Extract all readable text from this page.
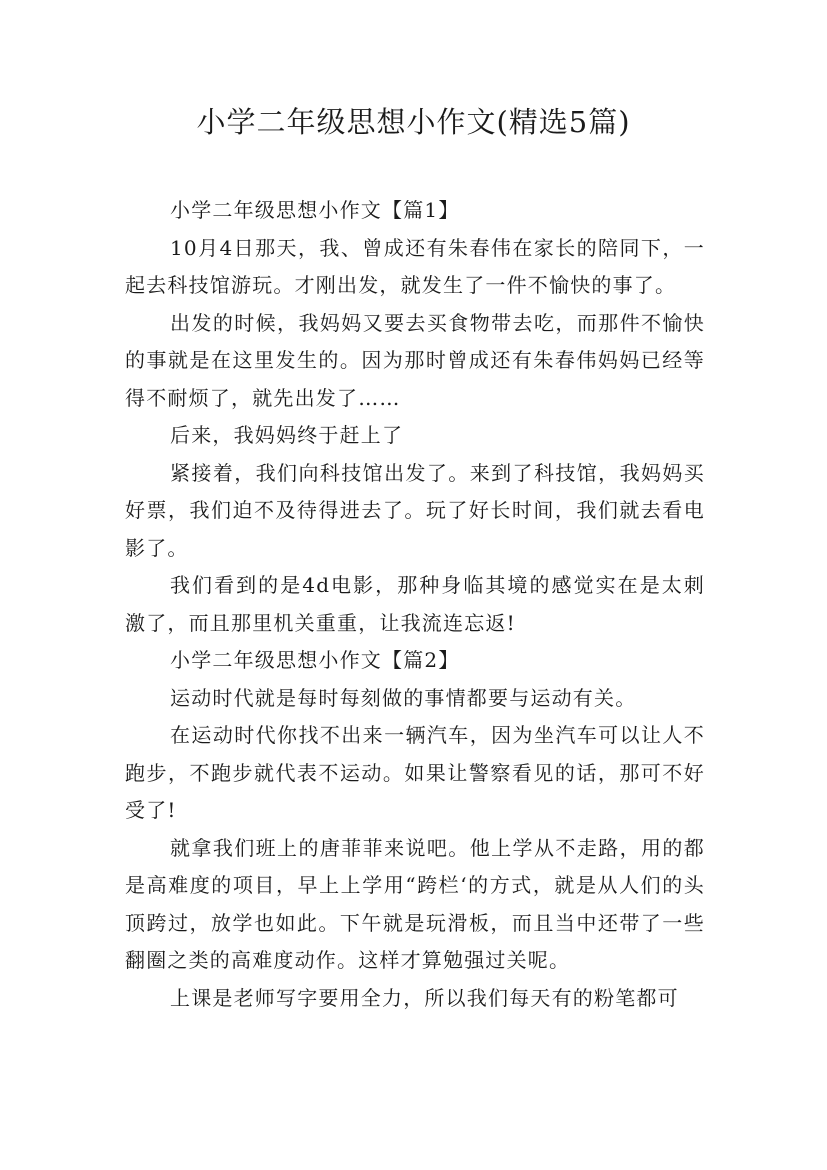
小学二年级思想小作文(精选5篇)

小学二年级思想小作文【篇1】

10月4日那天，我、曾成还有朱春伟在家长的陪同下，一起去科技馆游玩。才刚出发，就发生了一件不愉快的事了。

出发的时候，我妈妈又要去买食物带去吃，而那件不愉快的事就是在这里发生的。因为那时曾成还有朱春伟妈妈已经等得不耐烦了，就先出发了……

后来，我妈妈终于赶上了

紧接着，我们向科技馆出发了。来到了科技馆，我妈妈买好票，我们迫不及待得进去了。玩了好长时间，我们就去看电影了。

我们看到的是4d电影，那种身临其境的感觉实在是太刺激了，而且那里机关重重，让我流连忘返!

小学二年级思想小作文【篇2】

运动时代就是每时每刻做的事情都要与运动有关。

在运动时代你找不出来一辆汽车，因为坐汽车可以让人不跑步，不跑步就代表不运动。如果让警察看见的话，那可不好受了!

就拿我们班上的唐菲菲来说吧。他上学从不走路，用的都是高难度的项目，早上上学用“跨栏‘的方式，就是从人们的头顶跨过，放学也如此。下午就是玩滑板，而且当中还带了一些翻圈之类的高难度动作。这样才算勉强过关呢。

上课是老师写字要用全力，所以我们每天有的粉笔都可
